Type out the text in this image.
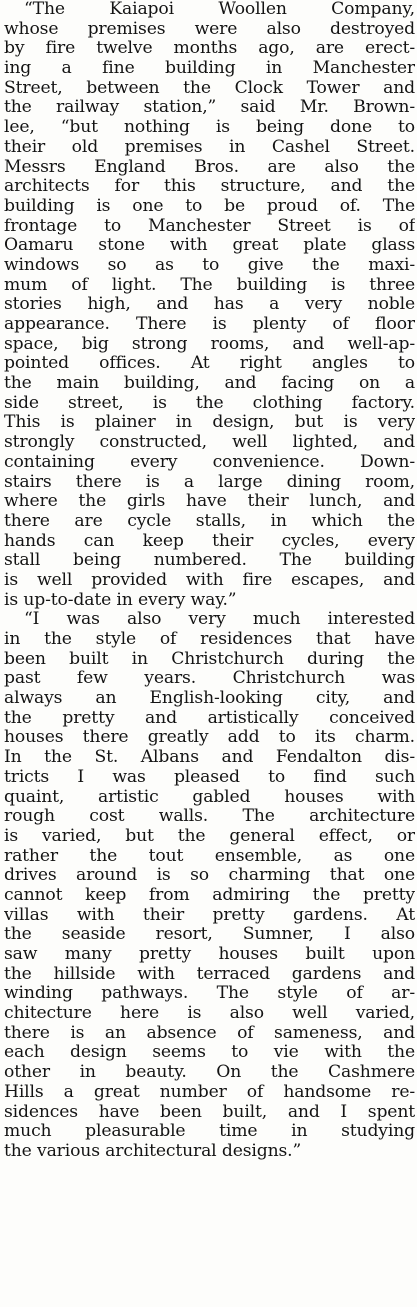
“The Kaiapoi Woollen Company,
whose premises were also destroyed
by fire twelve months ago, are erect-
ing a fine building in Manchester
Street, between the Clock Tower and
the railway station,” said Mr. Brown-
lee, “but nothing is being done to
their old premises in Cashel Street.
Messrs England Bros. are also the
architects for this structure, and the
building is one to be proud of. The
frontage to Manchester Street is of
Oamaru stone with great plate glass
windows so as to give the maxi-
mum of light. The building is three
stories high, and has a very noble
appearance. There is plenty of floor
space, big strong rooms, and well-ap-
pointed offices. At right angles to
the main building, and facing on a
side street, is the clothing factory.
This is plainer in design, but is very
strongly constructed, well lighted, and
containing every convenience. Down-
stairs there is a large dining room,
where the girls have their lunch, and
there are cycle stalls, in which the
hands can keep their cycles, every
stall being numbered. The building
is well provided with fire escapes, and
is up-to-date in every way.”
“I was also very much interested
in the style of residences that have
been built in Christchurch during the
past few years. Christchurch was
always an English-looking city, and
the pretty and artistically conceived
houses there greatly add to its charm.
In the St. Albans and Fendalton dis-
tricts I was pleased to find such
quaint, artistic gabled houses with
rough cost walls. The architecture
is varied, but the general effect, or
rather the tout ensemble, as one
drives around is so charming that one
cannot keep from admiring the pretty
villas with their pretty gardens. At
the seaside resort, Sumner, I also
saw many pretty houses built upon
the hillside with terraced gardens and
winding pathways. The style of ar-
chitecture here is also well varied,
there is an absence of sameness, and
each design seems to vie with the
other in beauty. On the Cashmere
Hills a great number of handsome re-
sidences have been built, and I spent
much pleasurable time in studying
the various architectural designs.”
